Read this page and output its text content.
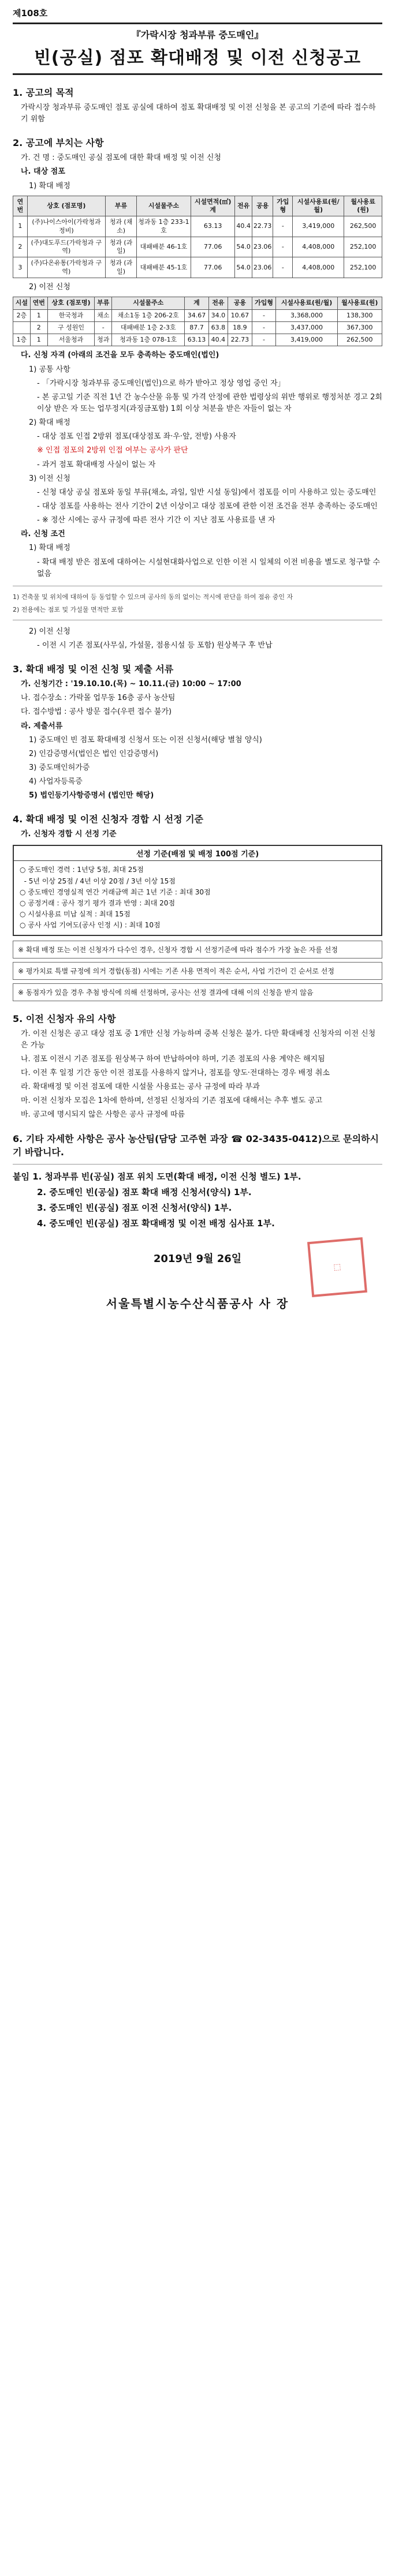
제108호
『가락시장 청과부류 중도매인』
빈(공실) 점포 확대배정 및 이전 신청공고
1. 공고의 목적

가락시장 청과부류 중도매인 점포 공실에 대하여 점포 확대배정 및 이전 신청을 본 공고의 기준에 따라 접수하기 위함

2. 공고에 부치는 사항

가. 건 명 : 중도매인 공실 점포에 대한 확대 배정 및 이전 신청

나. 대상 점포

1) 확대 배정

연번	상호 (점포명)	부류	시설물주소	시설면적(㎡) 계	전유	공용	가입형	시설사용료(원/월)	월사용료(원)
1	(주)나이스아이(가락청과 정비)	청과 (채소)	청과동 1층 233-1호	63.13	40.4	22.73	-	3,419,000	262,500
2	(주)대도푸드(가락청과 구역)	청과 (과일)	대패배분 46-1호	77.06	54.0	23.06	-	4,408,000	252,100
3	(주)다온유통(가락청과 구역)	청과 (과일)	대패배분 45-1호	77.06	54.0	23.06	-	4,408,000	252,100

2) 이전 신청

시설	연번	상호 (점포명)	부류	시설물주소	계	전유	공용	가입형	시설사용료(원/월)	월사용료(원)
2층	1	한국청과	채소	채소1동 1층 206-2호	34.67	34.0	10.67	-	3,368,000	138,300
	2	구 성원인	-	대패배분 1층 2-3호	87.7	63.8	18.9	-	3,437,000	367,300
1층	1	서울청과	청과	청과동 1층 078-1호	63.13	40.4	22.73	-	3,419,000	262,500

다. 신청 자격 (아래의 조건을 모두 충족하는 중도매인(법인)

1) 공통 사항

- 「가락시장 청과부류 중도매인(법인)으로 하가 받아고 정상 영업 중인 자」

- 본 공고일 기준 직전 1년 간 농수산물 유통 및 가격 안정에 관한 법령상의 위반 행위로 행정처분 경고 2회 이상 받은 자 또는 업무정지(과징금포함) 1회 이상 처분을 받은 자들이 없는 자

2) 확대 배정

- 대상 점포 인접 2방위 점포(대상점포 좌·우·앞, 전방) 사용자

※ 인접 점포의 2방위 인접 여부는 공사가 판단

- 과거 점포 확대배정 사실이 없는 자

3) 이전 신청

- 신청 대상 공실 점포와 동일 부류(채소, 과일, 일반 시설 동일)에서 점포를 이미 사용하고 있는 중도매인

- 대상 점포를 사용하는 전사 기간이 2년 이상이고 대상 점포에 관한 이전 조건을 전부 충족하는 중도매인

- ※ 정산 시에는 공사 규정에 따른 전사 기간 이 지난 점포 사용료를 낸 자

라. 신청 조건

1) 확대 배정

- 확대 배정 받은 점포에 대하여는 시설현대화사업으로 인한 이전 시 일체의 이전 비용을 별도로 청구할 수 없음

1) 건축물 및 위치에 대하여 등 동업할 수 있으며 공사의 동의 없이는 적시에 판단을 하여 점유 중인 자
2) 전용에는 점포 및 가설물 면적만 포함

2) 이전 신청

- 이전 시 기존 점포(사무실, 가설물, 점용시설 등 포함) 원상복구 후 반납

3. 확대 배정 및 이전 신청 및 제출 서류

가. 신청기간 : '19.10.10.(목) ~ 10.11.(금) 10:00 ~ 17:00

나. 접수장소 : 가락몰 업무동 16층 공사 농산팀

다. 접수방법 : 공사 방문 접수(우편 접수 불가)

라. 제출서류

1) 중도매인 빈 점포 확대배정 신청서 또는 이전 신청서(해당 별첨 양식)

2) 인감증명서(법인은 법인 인감증명서)

3) 중도매인허가증

4) 사업자등록증

5) 법인등기사항증명서 (법인만 해당)

4. 확대 배정 및 이전 신청자 경합 시 선정 기준

가. 신청자 경합 시 선정 기준

선정 기준(배점 및 배정 100점 기준)
○ 중도매인 경력 : 1년당 5점, 최대 25점
- 5년 이상 25점 / 4년 이상 20점 / 3년 이상 15점
○ 중도매인 경영실적 연간 거래금액 최근 1년 기준 : 최대 30점
○ 공정거래 : 공사 정기 평가 결과 반영 : 최대 20점
○ 시설사용료 미납 실적 : 최대 15점
○ 공사 사업 기여도(공사 인정 시) : 최대 10점
※ 확대 배정 또는 이전 신청자가 다수인 경우, 신청자 경합 시 선정기준에 따라 점수가 가장 높은 자를 선정
※ 평가치료 특별 규정에 의거 경합(동점) 시에는 기존 사용 면적이 적은 순서, 사업 기간이 긴 순서로 선정
※ 동점자가 있을 경우 추첨 방식에 의해 선정하며, 공사는 선정 결과에 대해 이의 신청을 받지 않음
5. 이전 신청자 유의 사항

가. 이전 신청은 공고 대상 점포 중 1개만 신청 가능하며 중복 신청은 불가. 다만 확대배정 신청자의 이전 신청은 가능

나. 점포 이전시 기존 점포를 원상복구 하여 반납하여야 하며, 기존 점포의 사용 계약은 해지됨

다. 이전 후 일정 기간 동안 이전 점포를 사용하지 않거나, 점포를 양도·전대하는 경우 배정 취소

라. 확대배정 및 이전 점포에 대한 시설물 사용료는 공사 규정에 따라 부과

마. 이전 신청자 모집은 1차에 한하며, 선정된 신청자의 기존 점포에 대해서는 추후 별도 공고

바. 공고에 명시되지 않은 사항은 공사 규정에 따름

6. 기타 자세한 사항은 공사 농산팀(담당 고주현 과장 ☎ 02-3435-0412)으로 문의하시기 바랍니다.

붙임 1. 청과부류 빈(공실) 점포 위치 도면(확대 배정, 이전 신청 별도) 1부.

2. 중도매인 빈(공실) 점포 확대 배정 신청서(양식) 1부.

3. 중도매인 빈(공실) 점포 이전 신청서(양식) 1부.

4. 중도매인 빈(공실) 점포 확대배정 및 이전 배정 심사표 1부.

2019년 9월 26일
서울특별시농수산식품공사 사 장
⬚
